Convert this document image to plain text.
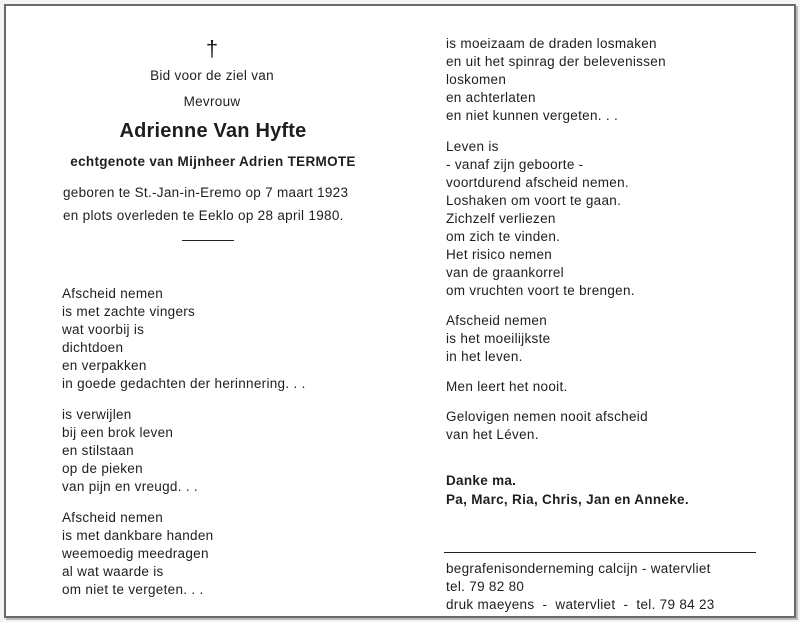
†
Bid voor de ziel van
Mevrouw
Adrienne Van Hyfte
echtgenote van Mijnheer Adrien TERMOTE
geboren te St.-Jan-in-Eremo op 7 maart 1923
en plots overleden te Eeklo op 28 april 1980.
Afscheid nemen
is met zachte vingers
wat voorbij is
dichtdoen
en verpakken
in goede gedachten der herinnering. . .
is verwijlen
bij een brok leven
en stilstaan
op de pieken
van pijn en vreugd. . .
Afscheid nemen
is met dankbare handen
weemoedig meedragen
al wat waarde is
om niet te vergeten. . .
is moeizaam de draden losmaken
en uit het spinrag der belevenissen
loskomen
en achterlaten
en niet kunnen vergeten. . .
Leven is
- vanaf zijn geboorte -
voortdurend afscheid nemen.
Loshaken om voort te gaan.
Zichzelf verliezen
om zich te vinden.
Het risico nemen
van de graankorrel
om vruchten voort te brengen.
Afscheid nemen
is het moeilijkste
in het leven.
Men leert het nooit.
Gelovigen nemen nooit afscheid
van het Léven.
Danke ma.
Pa, Marc, Ria, Chris, Jan en Anneke.
begrafenisonderneming calcijn - watervliet
tel. 79 82 80
druk maeyens  -  watervliet  -  tel. 79 84 23
